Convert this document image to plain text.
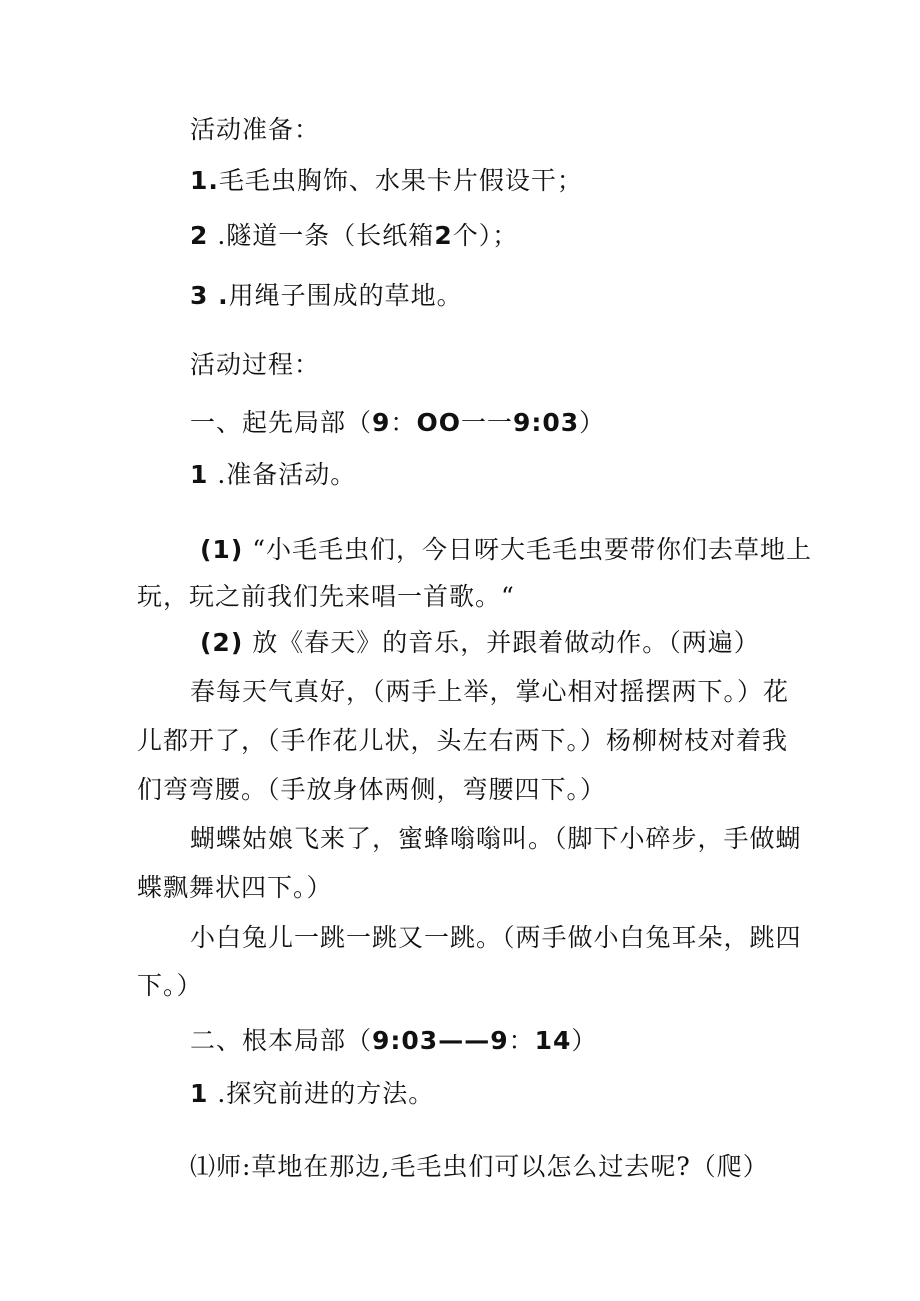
活动准备：
1.毛毛虫胸饰、水果卡片假设干；
2 .隧道一条（长纸箱2个）；
3 .用绳子围成的草地。
活动过程：
一、起先局部（9：OO一一9:03）
1 .准备活动。
(1) “小毛毛虫们，今日呀大毛毛虫要带你们去草地上
玩，玩之前我们先来唱一首歌。“
(2) 放《春天》的音乐，并跟着做动作。（两遍）
春每天气真好，（两手上举，掌心相对摇摆两下。）花
儿都开了，（手作花儿状，头左右两下。）杨柳树枝对着我
们弯弯腰。（手放身体两侧，弯腰四下。）
蝴蝶姑娘飞来了，蜜蜂嗡嗡叫。（脚下小碎步，手做蝴
蝶飘舞状四下。）
小白兔儿一跳一跳又一跳。（两手做小白兔耳朵，跳四
下。）
二、根本局部（9:03——9：14）
1 .探究前进的方法。
⑴师:草地在那边,毛毛虫们可以怎么过去呢?（爬）
